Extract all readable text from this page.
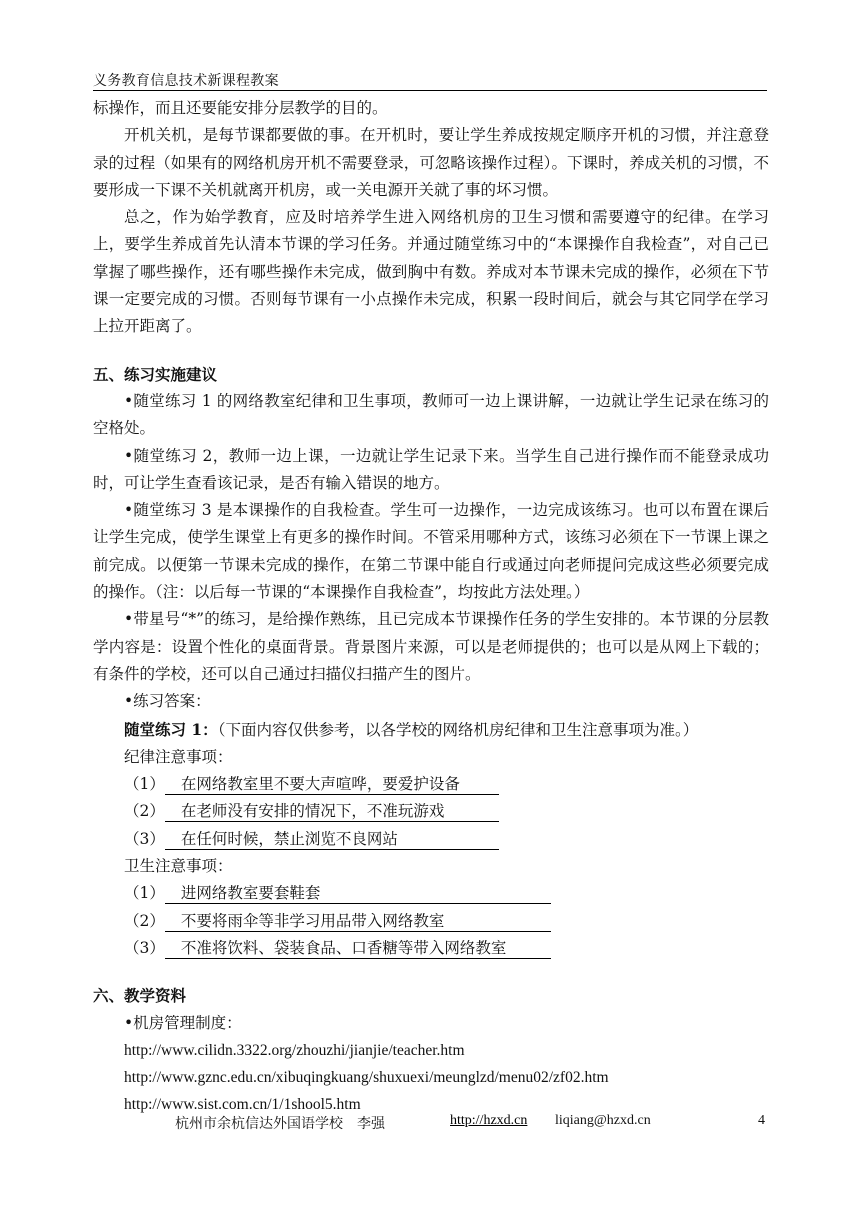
义务教育信息技术新课程教案

标操作，而且还要能安排分层教学的目的。

开机关机，是每节课都要做的事。在开机时，要让学生养成按规定顺序开机的习惯，并注意登录的过程（如果有的网络机房开机不需要登录，可忽略该操作过程）。下课时，养成关机的习惯，不要形成一下课不关机就离开机房，或一关电源开关就了事的坏习惯。

总之，作为始学教育，应及时培养学生进入网络机房的卫生习惯和需要遵守的纪律。在学习上，要学生养成首先认清本节课的学习任务。并通过随堂练习中的“本课操作自我检查”，对自己已掌握了哪些操作，还有哪些操作未完成，做到胸中有数。养成对本节课未完成的操作，必须在下节课一定要完成的习惯。否则每节课有一小点操作未完成，积累一段时间后，就会与其它同学在学习上拉开距离了。

五、练习实施建议

•随堂练习 1 的网络教室纪律和卫生事项，教师可一边上课讲解，一边就让学生记录在练习的空格处。

•随堂练习 2，教师一边上课，一边就让学生记录下来。当学生自己进行操作而不能登录成功时，可让学生查看该记录，是否有输入错误的地方。

•随堂练习 3 是本课操作的自我检查。学生可一边操作，一边完成该练习。也可以布置在课后让学生完成，使学生课堂上有更多的操作时间。不管采用哪种方式，该练习必须在下一节课上课之前完成。以便第一节课未完成的操作，在第二节课中能自行或通过向老师提问完成这些必须要完成的操作。（注：以后每一节课的“本课操作自我检查”，均按此方法处理。）

•带星号“*”的练习，是给操作熟练，且已完成本节课操作任务的学生安排的。本节课的分层教学内容是：设置个性化的桌面背景。背景图片来源，可以是老师提供的；也可以是从网上下载的；有条件的学校，还可以自己通过扫描仪扫描产生的图片。

•练习答案：

随堂练习 1：（下面内容仅供参考，以各学校的网络机房纪律和卫生注意事项为准。）

纪律注意事项：

（1） 在网络教室里不要大声喧哗，要爱护设备

（2） 在老师没有安排的情况下，不准玩游戏

（3） 在任何时候，禁止浏览不良网站

卫生注意事项：

（1） 进网络教室要套鞋套

（2） 不要将雨伞等非学习用品带入网络教室

（3） 不准将饮料、袋装食品、口香糖等带入网络教室

六、教学资料

•机房管理制度：

http://www.cilidn.3322.org/zhouzhi/jianjie/teacher.htm

http://www.gznc.edu.cn/xibuqingkuang/shuxuexi/meunglzd/menu02/zf02.htm

http://www.sist.com.cn/1/1shool5.htm

杭州市余杭信达外国语学校　李强	http://hzxd.cn liqiang@hzxd.cn	4
